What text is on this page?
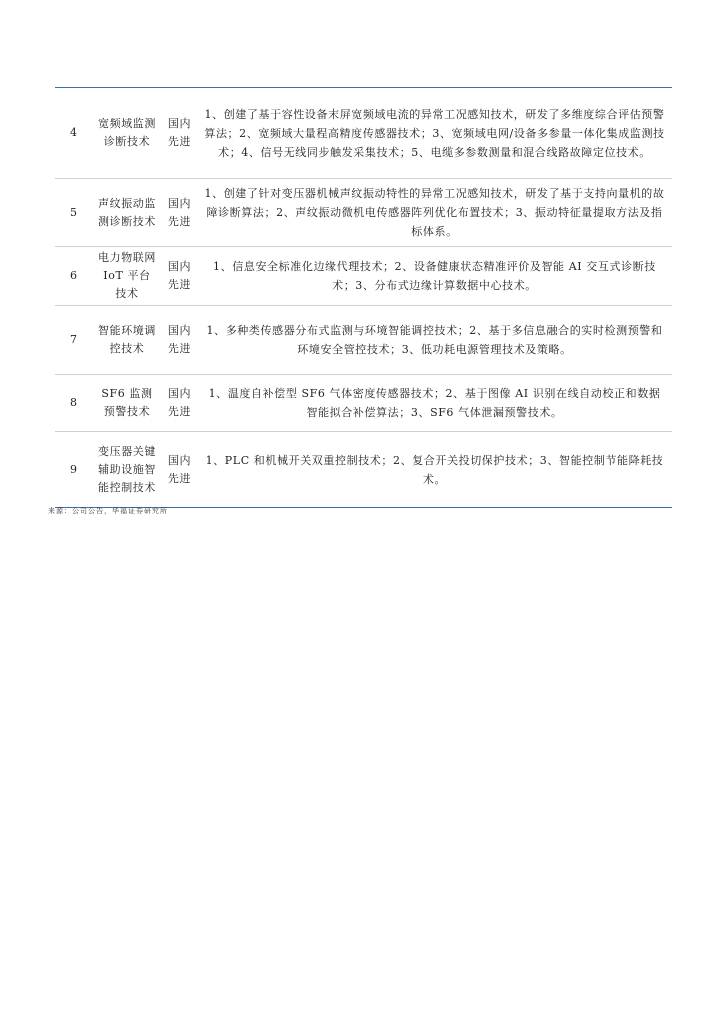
4	宽频域监测诊断技术	国内先进	1、创建了基于容性设备末屏宽频域电流的异常工况感知技术，研发了多维度综合评估预警算法；2、宽频域大量程高精度传感器技术；3、宽频域电网/设备多参量一体化集成监测技术；4、信号无线同步触发采集技术；5、电缆多参数测量和混合线路故障定位技术。
5	声纹振动监测诊断技术	国内先进	1、创建了针对变压器机械声纹振动特性的异常工况感知技术，研发了基于支持向量机的故障诊断算法；2、声纹振动微机电传感器阵列优化布置技术；3、振动特征量提取方法及指标体系。
6	电力物联网 IoT 平台技术	国内先进	1、信息安全标准化边缘代理技术；2、设备健康状态精准评价及智能 AI 交互式诊断技术；3、分布式边缘计算数据中心技术。
7	智能环境调控技术	国内先进	1、多种类传感器分布式监测与环境智能调控技术；2、基于多信息融合的实时检测预警和环境安全管控技术；3、低功耗电源管理技术及策略。
8	SF6 监测预警技术	国内先进	1、温度自补偿型 SF6 气体密度传感器技术；2、基于图像 AI 识别在线自动校正和数据智能拟合补偿算法；3、SF6 气体泄漏预警技术。
9	变压器关键辅助设施智能控制技术	国内先进	1、PLC 和机械开关双重控制技术；2、复合开关投切保护技术；3、智能控制节能降耗技术。
来源：公司公告，华福证券研究所
